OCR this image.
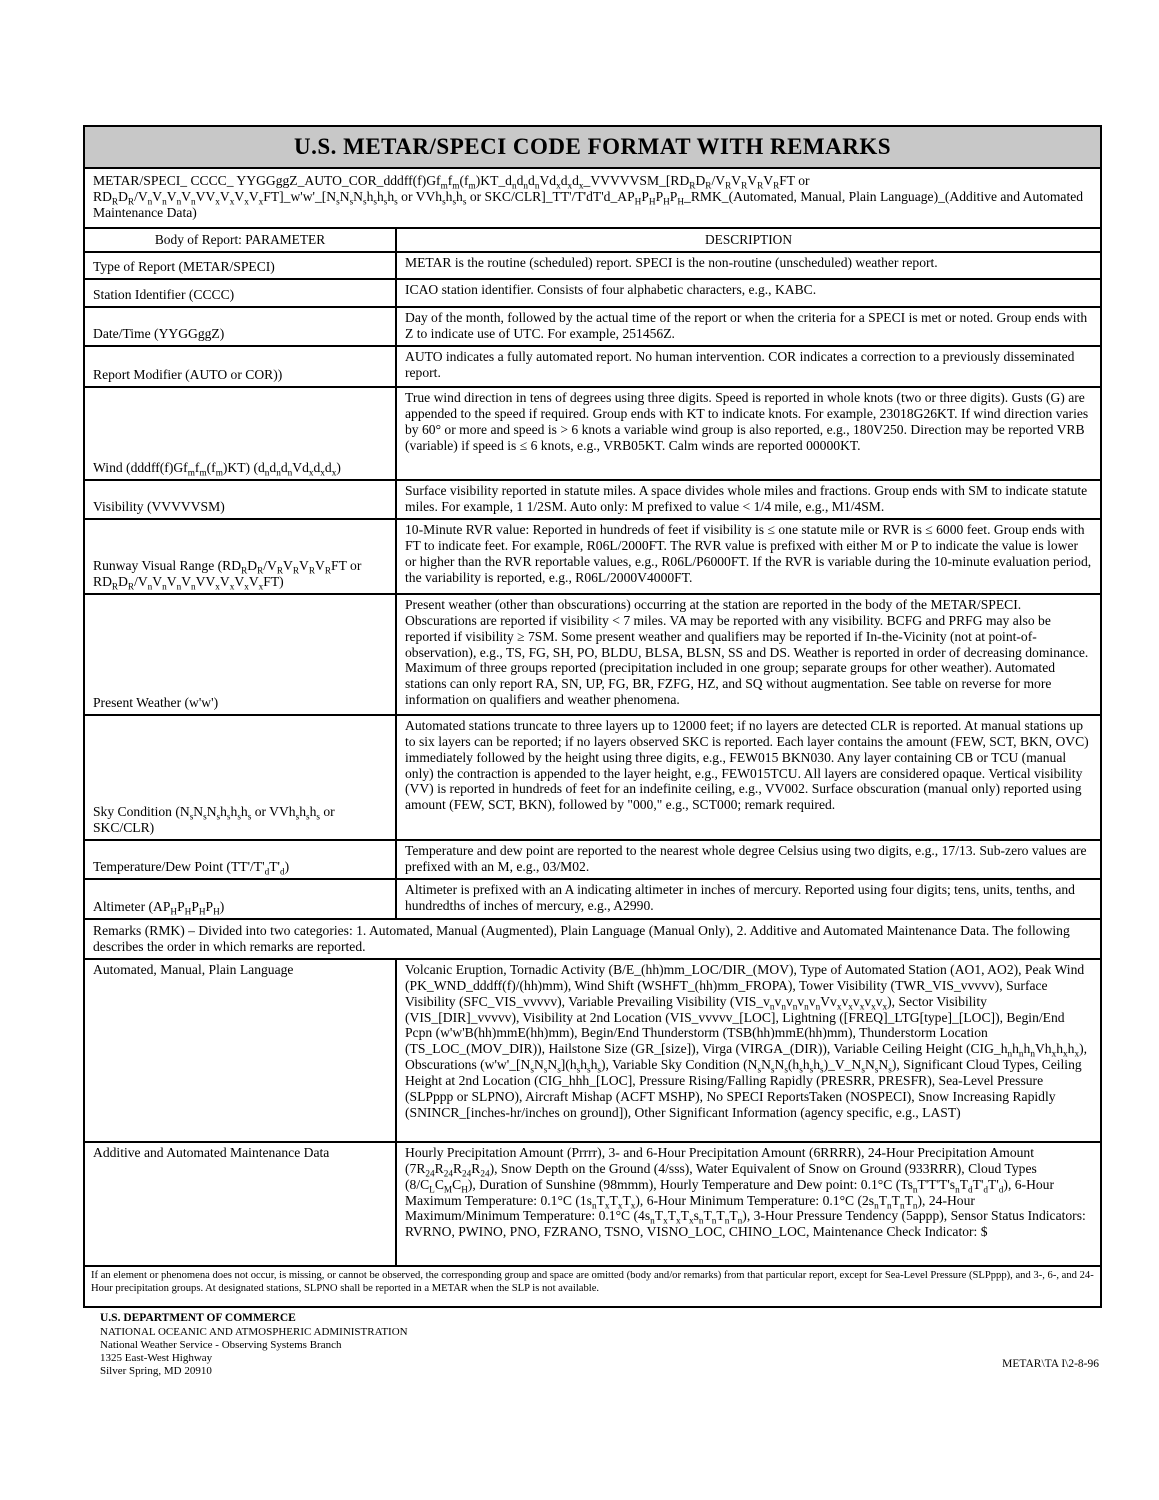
U.S. METAR/SPECI CODE FORMAT WITH REMARKS	
METAR/SPECI_ CCCC_ $YYGGggZ\_AUTO\_COR\_dddff(f)Gf_mf_m(f_m)KT\_d_nd_nd_nVd_xd_xd_x\_VVVVVSM\_[RD_RD_R/V_RV_RV_RV_RFT$ or $RD_RD_R/V_nV_nV_nV_nVV_xV_xV_xV_xFT]\_w'w'\_[N_sN_sN_sh_sh_sh_s$ or $VVh_sh_sh_s$ or SKC/$CLR]\_TT'/T'dT'd\_AP_HP_HP_HP_H\_RMK\_(Automated$, Manual, Plain Language)_(Additive and Automated Maintenance Data)	
Body of Report: PARAMETER	DESCRIPTION
Type of Report (METAR/SPECI)	METAR is the routine (scheduled) report. SPECI is the non-routine (unscheduled) weather report.
Station Identifier (CCCC)	ICAO station identifier. Consists of four alphabetic characters, e.g., KABC.
Date/Time (YYGGggZ)	Day of the month, followed by the actual time of the report or when the criteria for a SPECI is met or noted. Group ends with Z to indicate use of UTC. For example, 251456Z.
Report Modifier (AUTO or COR))	AUTO indicates a fully automated report. No human intervention. COR indicates a correction to a previously disseminated report.
Wind $(dddff(f)Gf_mf_m(f_m)KT)$ $(d_nd_nd_nVd_xd_xd_x)$	True wind direction in tens of degrees using three digits. Speed is reported in whole knots (two or three digits). Gusts (G) are appended to the speed if required. Group ends with KT to indicate knots. For example, 23018G26KT. If wind direction varies by 60° or more and speed is > 6 knots a variable wind group is also reported, e.g., 180V250. Direction may be reported VRB (variable) if speed is ≤ 6 knots, e.g., VRB05KT. Calm winds are reported 00000KT.
Visibility (VVVVVSM)	Surface visibility reported in statute miles. A space divides whole miles and fractions. Group ends with SM to indicate statute miles. For example, 1 1/2SM. Auto only: M prefixed to value < 1/4 mile, e.g., M1/4SM.
Runway Visual Range ($RD_RD_R/V_RV_RV_RV_RFT$ or $RD_RD_R/V_nV_nV_nV_nVV_xV_xV_xV_xFT$)	10-Minute RVR value: Reported in hundreds of feet if visibility is ≤ one statute mile or RVR is ≤ 6000 feet. Group ends with FT to indicate feet. For example, R06L/2000FT. The RVR value is prefixed with either M or P to indicate the value is lower or higher than the RVR reportable values, e.g., R06L/P6000FT. If the RVR is variable during the 10-minute evaluation period, the variability is reported, e.g., R06L/2000V4000FT.
Present Weather (w'w')	Present weather (other than obscurations) occurring at the station are reported in the body of the METAR/SPECI. Obscurations are reported if visibility < 7 miles. VA may be reported with any visibility. BCFG and PRFG may also be reported if visibility ≥ 7SM. Some present weather and qualifiers may be reported if In-the-Vicinity (not at point-of-observation), e.g., TS, FG, SH, PO, BLDU, BLSA, BLSN, SS and DS. Weather is reported in order of decreasing dominance. Maximum of three groups reported (precipitation included in one group; separate groups for other weather). Automated stations can only report RA, SN, UP, FG, BR, FZFG, HZ, and SQ without augmentation. See table on reverse for more information on qualifiers and weather phenomena.
Sky Condition ($N_sN_sN_sh_sh_sh_s$ or $VVh_sh_sh_s$ or SKC/CLR)	Automated stations truncate to three layers up to 12000 feet; if no layers are detected CLR is reported. At manual stations up to six layers can be reported; if no layers observed SKC is reported. Each layer contains the amount (FEW, SCT, BKN, OVC) immediately followed by the height using three digits, e.g., FEW015 BKN030. Any layer containing CB or TCU (manual only) the contraction is appended to the layer height, e.g., FEW015TCU. All layers are considered opaque. Vertical visibility (VV) is reported in hundreds of feet for an indefinite ceiling, e.g., VV002. Surface obscuration (manual only) reported using amount (FEW, SCT, BKN), followed by "000," e.g., SCT000; remark required.
Temperature/Dew Point $(TT'/T'_dT'_d)$	Temperature and dew point are reported to the nearest whole degree Celsius using two digits, e.g., 17/13. Sub-zero values are prefixed with an M, e.g., 03/M02.
Altimeter $(AP_HP_HP_HP_H)$	Altimeter is prefixed with an A indicating altimeter in inches of mercury. Reported using four digits; tens, units, tenths, and hundredths of inches of mercury, e.g., A2990.
Remarks (RMK) – Divided into two categories: 1. Automated, Manual (Augmented), Plain Language (Manual Only), 2. Additive and Automated Maintenance Data. The following describes the order in which remarks are reported.	
Automated, Manual, Plain Language	Volcanic Eruption, Tornadic Activity (B/E_(hh)mm_LOC/DIR_(MOV), Type of Automated Station (AO1, AO2), Peak Wind (PK_WND_dddff(f)/(hh)mm), Wind Shift (WSHFT_(hh)mm_FROPA), Tower Visibility (TWR_VIS_vvvvv), Surface Visibility (SFC_VIS_vvvvv), Variable Prevailing Visibility $(VIS\_v_nv_nv_nv_nv_nVv_xv_xv_xv_xv_x)$, Sector Visibility (VIS_[DIR]_vvvvv), Visibility at 2nd Location (VIS_vvvvv_[LOC], Lightning ([FREQ]_LTG[type]_[LOC]), Begin/End Pcpn (w'w'B(hh)mmE(hh)mm), Begin/End Thunderstorm (TSB(hh)mmE(hh)mm), Thunderstorm Location (TS_LOC_(MOV_DIR)), Hailstone Size (GR_[size]), Virga (VIRGA_(DIR)), Variable Ceiling Height $(CIG\_h_nh_nh_nVh_xh_xh_x)$, Obscurations ($w'w'\_[N_sN_sN_s](h_sh_sh_s)$, Variable Sky Condition $(N_sN_sN_s(h_sh_sh_s)\_V\_N_sN_sN_s)$, Significant Cloud Types, Ceiling Height at 2nd Location (CIG_hhh_[LOC], Pressure Rising/Falling Rapidly (PRESRR, PRESFR), Sea-Level Pressure (SLPppp or SLPNO), Aircraft Mishap (ACFT MSHP), No SPECI ReportsTaken (NOSPECI), Snow Increasing Rapidly (SNINCR_[inches-hr/inches on ground]), Other Significant Information (agency specific, e.g., LAST)
Additive and Automated Maintenance Data	Hourly Precipitation Amount (Prrrr), 3- and 6-Hour Precipitation Amount (6RRRR), 24-Hour Precipitation Amount $(7R_{24}R_{24}R_{24}R_{24})$, Snow Depth on the Ground (4/sss), Water Equivalent of Snow on Ground (933RRR), Cloud Types $(8/C_LC_MC_H)$, Duration of Sunshine (98mmm), Hourly Temperature and Dew point: 0.1°C $(Ts_nT'T'T's_nT_dT'_dT'_d)$, 6-Hour Maximum Temperature: 0.1°C $(1s_nT_xT_xT_x)$, 6-Hour Minimum Temperature: 0.1°C $(2s_nT_nT_nT_n)$, 24-Hour Maximum/Minimum Temperature: 0.1°C $(4s_nT_xT_xT_xs_nT_nT_nT_n)$, 3-Hour Pressure Tendency (5appp), Sensor Status Indicators: RVRNO, PWINO, PNO, FZRANO, TSNO, VISNO_LOC, CHINO_LOC, Maintenance Check Indicator: $
If an element or phenomena does not occur, is missing, or cannot be observed, the corresponding group and space are omitted (body and/or remarks) from that particular report, except for Sea-Level Pressure (SLPppp), and 3-, 6-, and 24-Hour precipitation groups. At designated stations, SLPNO shall be reported in a METAR when the SLP is not available.	
U.S. DEPARTMENT OF COMMERCE
NATIONAL OCEANIC AND ATMOSPHERIC ADMINISTRATION
National Weather Service - Observing Systems Branch
1325 East-West Highway
Silver Spring, MD 20910
METAR\TA I\2-8-96
